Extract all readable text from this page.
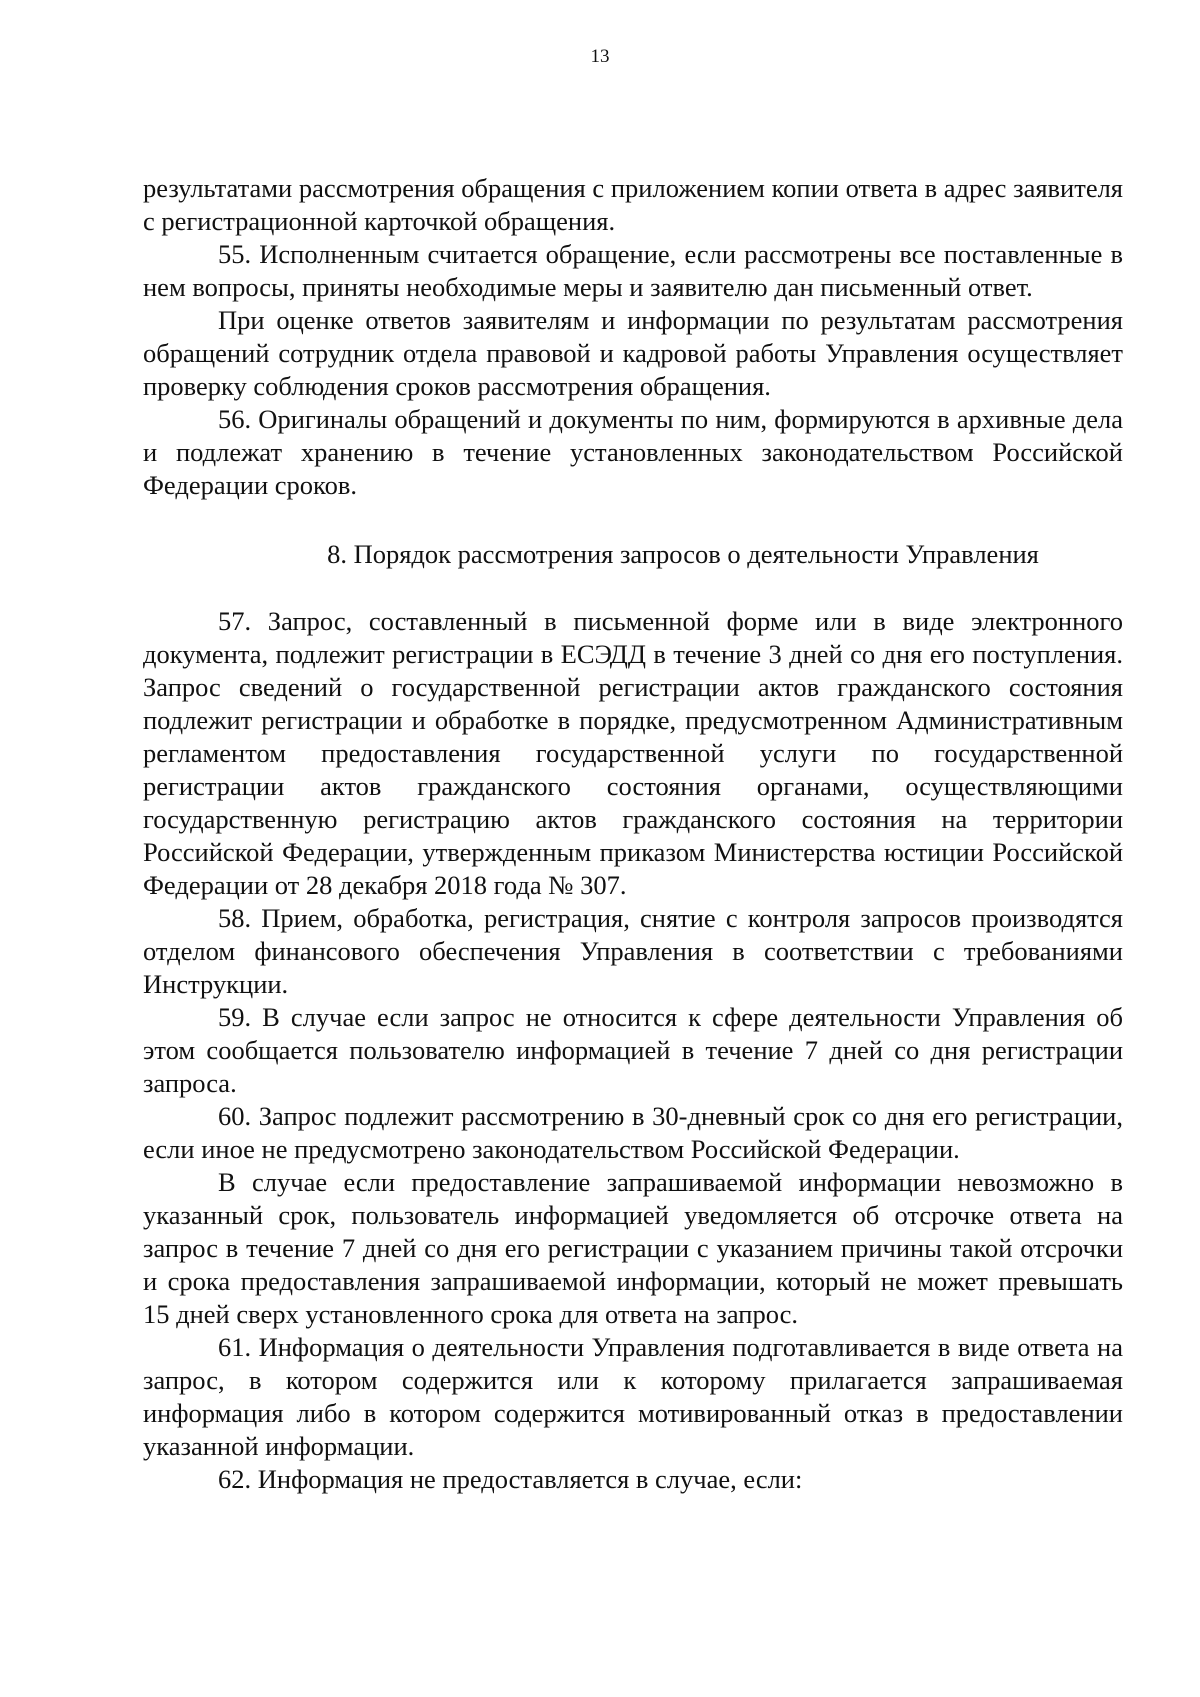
13

результатами рассмотрения обращения с приложением копии ответа в адрес заявителя с регистрационной карточкой обращения.

55. Исполненным считается обращение, если рассмотрены все поставленные в нем вопросы, приняты необходимые меры и заявителю дан письменный ответ.

При оценке ответов заявителям и информации по результатам рассмотрения обращений сотрудник отдела правовой и кадровой работы Управления осуществляет проверку соблюдения сроков рассмотрения обращения.

56. Оригиналы обращений и документы по ним, формируются в архивные дела и подлежат хранению в течение установленных законодательством Российской Федерации сроков.

8. Порядок рассмотрения запросов о деятельности Управления

57. Запрос, составленный в письменной форме или в виде электронного документа, подлежит регистрации в ЕСЭДД в течение 3 дней со дня его поступления. Запрос сведений о государственной регистрации актов гражданского состояния подлежит регистрации и обработке в порядке, предусмотренном Административным регламентом предоставления государственной услуги по государственной регистрации актов гражданского состояния органами, осуществляющими государственную регистрацию актов гражданского состояния на территории Российской Федерации, утвержденным приказом Министерства юстиции Российской Федерации от 28 декабря 2018 года № 307.

58. Прием, обработка, регистрация, снятие с контроля запросов производятся отделом финансового обеспечения Управления в соответствии с требованиями Инструкции.

59. В случае если запрос не относится к сфере деятельности Управления об этом сообщается пользователю информацией в течение 7 дней со дня регистрации запроса.

60. Запрос подлежит рассмотрению в 30-дневный срок со дня его регистрации, если иное не предусмотрено законодательством Российской Федерации.

В случае если предоставление запрашиваемой информации невозможно в указанный срок, пользователь информацией уведомляется об отсрочке ответа на запрос в течение 7 дней со дня его регистрации с указанием причины такой отсрочки и срока предоставления запрашиваемой информации, который не может превышать 15 дней сверх установленного срока для ответа на запрос.

61. Информация о деятельности Управления подготавливается в виде ответа на запрос, в котором содержится или к которому прилагается запрашиваемая информация либо в котором содержится мотивированный отказ в предоставлении указанной информации.

62. Информация не предоставляется в случае, если:
